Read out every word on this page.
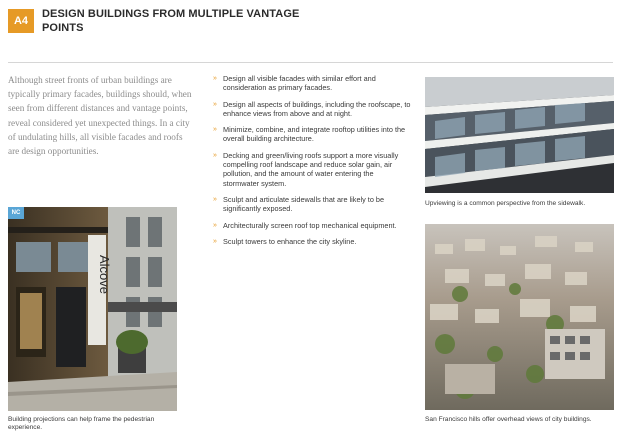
A4
DESIGN BUILDINGS FROM MULTIPLE VANTAGE POINTS
Although street fronts of urban buildings are typically primary facades, buildings should, when seen from different distances and vantage points, reveal considered yet unexpected things. In a city of undulating hills, all visible facades and roofs are design opportunities.
» Design all visible facades with similar effort and consideration as primary facades.
» Design all aspects of buildings, including the roofscape, to enhance views from above and at night.
» Minimize, combine, and integrate rooftop utilities into the overall building architecture.
» Decking and green/living roofs support a more visually compelling roof landscape and reduce solar gain, air pollution, and the amount of water entering the stormwater system.
» Sculpt and articulate sidewalls that are likely to be significantly exposed.
» Architecturally screen roof top mechanical equipment.
» Sculpt towers to enhance the city skyline.
Alcove
NC
Building projections can help frame the pedestrian experience.
Upviewing is a common perspective from the sidewalk.
San Francisco hills offer overhead views of city buildings.
